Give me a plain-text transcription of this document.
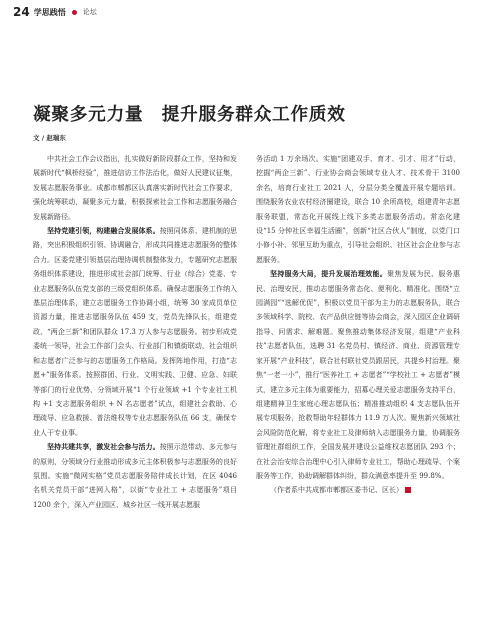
24 学思践悟 论坛
凝聚多元力量　提升服务群众工作质效
文 / 赵瑞东

中共社会工作会议指出，扎实做好新阶段群众工作，坚持和发展新时代“枫桥经验”，推进信访工作法治化，做好人民建议征集，发展志愿服务事业。成都市郫都区认真落实新时代社会工作要求，强化统筹联动，凝聚多元力量，积极探索社会工作和志愿服务融合发展新路径。

坚持党建引领，构建融合发展体系。按照同体系、建机制的思路，突出积极组织引领、协调融合，形成共同推进志愿服务的整体合力。区委党建引领基层治理协调机制整体发力，专题研究志愿服务组织体系建设，推进形成社会部门统筹、行业（综合）党委、专业志愿服务队伍党支部的三级党组织体系。确保志愿服务工作纳入基层治理体系，建立志愿服务工作协调小组，统筹 30 家成员单位资源力量，推进志愿服务队伍 459 支，党员先锋队长，组建党政、“两企三新”和团队群众 17.3 万人参与志愿服务。初步形成党委统一领导，社会工作部门会头、行业部门和镇街联动，社会组织和志愿者广泛参与的志愿服务工作格局。发挥阵地作用，打造“志愿+”服务体系。按照群团、行业、文明实践、卫健、应急、妇联等部门的行业优势，分领域开展“1 个行业领域 +1 个专业社工机构 +1 支志愿服务组织 + N 名志愿者”试点，组建社会救助、心理疏导、应急救援、普法维权等专业志愿服务队伍 66 支，确保专业人干专业事。

坚持共建共享，激发社会参与活力。按照示范带动、多元参与的原则，分领域分行业推动形成多元主体积极参与志愿服务的良好氛围。实施“微网实格”党员志愿服务陪伴成长计划，在区 4046 名机关党员干部“进网入格”，以街“专业社工 + 志愿服务”项目 1200 余个，深入产业园区、城乡社区一线开展志愿服

务活动 1 万余场次。实施“团建双手、育才、引才、用才”行动，挖掘“两企三新”、行业协会商会领域专业人才、技术骨干 3100 余名，培育行业社工 2021 人，分层分类全覆盖开展专题培训。围绕服务农业农村经济圈建设，联合 10 余所高校，组建青年志愿服务联盟，常态化开展线上线下多类志愿服务活动。常态化建设“15 分钟社区幸福生活圈”，创新“社区合伙人”制度，以党门口小修小补、邻里互助为重点，引导社会组织、社区社会企业参与志愿服务。

坚持服务大局，提升发展治理效能。聚焦发展为民、服务惠民、治理安民，推动志愿服务常态化、便利化、精准化。围绕“立园满园”“选解优促”，积极以党员干部为主力的志愿服务队，联合多领域科学、院校、农产品供应链等协会商会，深入园区企业调研指导、问需求、解难题。聚焦推动集体经济发展，组建“产业科技”志愿者队伍，选聘 31 名党员村、镇经济、商业、资源管理专家开展“产业科技”，联合社村联社党员跟居民，共提乡村治理。聚焦“一老一小”，推行“医养社工 + 志愿者”“学校社工 + 志愿者”模式，建立多元主体为重要能力，招募心理关爱志愿服务支持平台，组建精神卫生家庭心理志愿队伍；精准推动组织 4 支志愿队伍开展专项服务，抢救帮助年轻群体力 11.9 万人次。聚焦新兴领域社会风险防范化解，将专业社工及律师纳入志愿服务力量，协调服务管理社群组织工作，全国发展并建设公益维权志愿团队 293 个；在社会治安综合治理中心引入律师专业社工，帮助心理疏导、个案服务等工作，协助调解群体纠纷，群众满意率提升至 99.8%。

（作者系中共成都市郫都区委书记、区长）
